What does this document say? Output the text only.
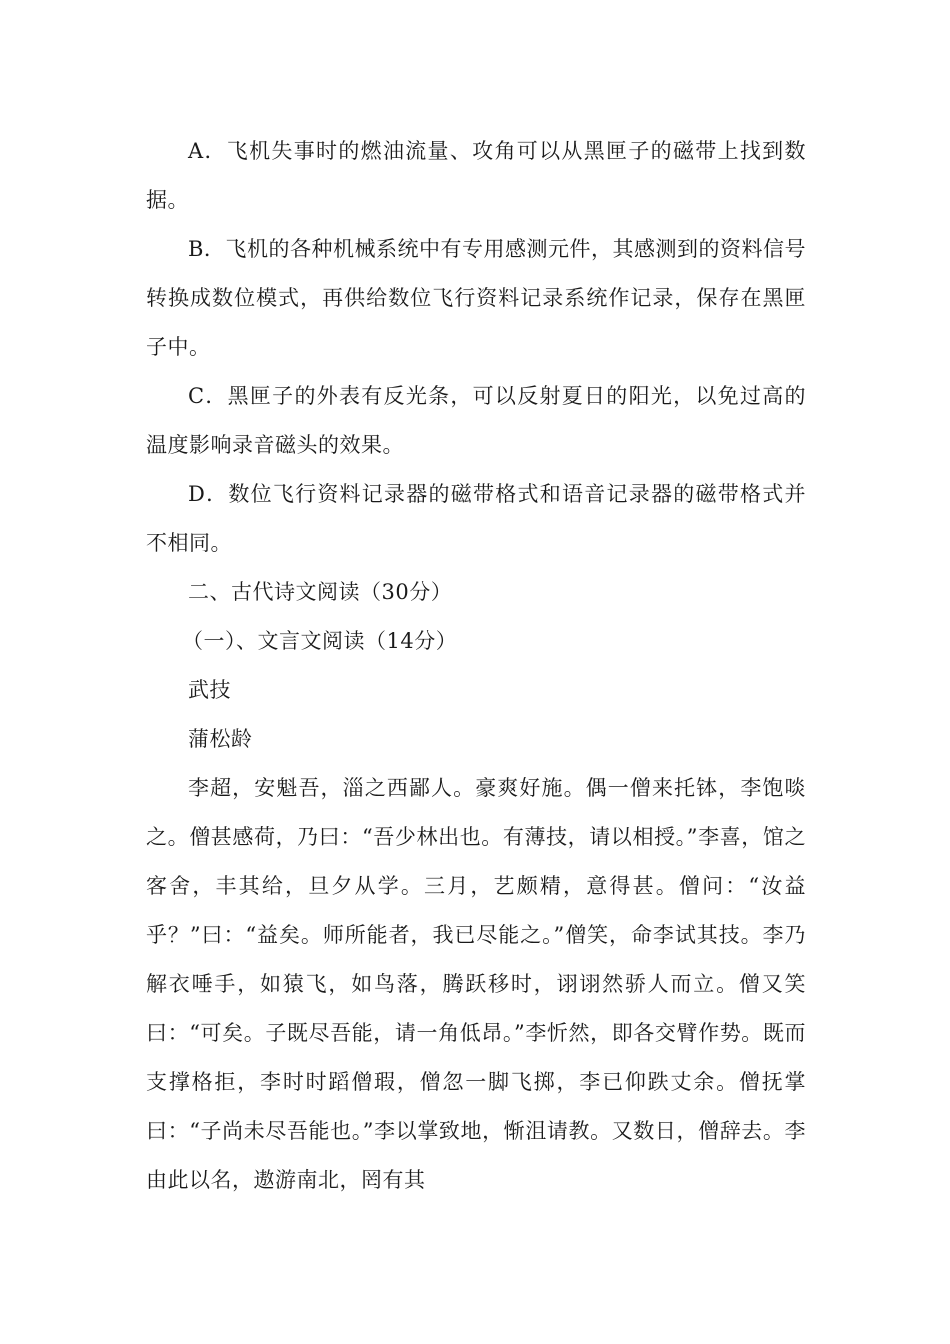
A．飞机失事时的燃油流量、攻角可以从黑匣子的磁带上找到数据。

B．飞机的各种机械系统中有专用感测元件，其感测到的资料信号转换成数位模式，再供给数位飞行资料记录系统作记录，保存在黑匣子中。

C．黑匣子的外表有反光条，可以反射夏日的阳光，以免过高的温度影响录音磁头的效果。

D．数位飞行资料记录器的磁带格式和语音记录器的磁带格式并不相同。

二、古代诗文阅读（30分）

（一）、文言文阅读（14分）

武技

蒲松龄

李超，安魁吾，淄之西鄙人。豪爽好施。偶一僧来托钵，李饱啖之。僧甚感荷，乃曰：“吾少林出也。有薄技，请以相授。”李喜，馆之客舍，丰其给，旦夕从学。三月，艺颇精，意得甚。僧问：“汝益乎？”曰：“益矣。师所能者，我已尽能之。”僧笑，命李试其技。李乃解衣唾手，如猿飞，如鸟落，腾跃移时，诩诩然骄人而立。僧又笑曰：“可矣。子既尽吾能，请一角低昂。”李忻然，即各交臂作势。既而支撑格拒，李时时蹈僧瑕，僧忽一脚飞掷，李已仰跌丈余。僧抚掌曰：“子尚未尽吾能也。”李以掌致地，惭沮请教。又数日，僧辞去。李由此以名，遨游南北，罔有其
